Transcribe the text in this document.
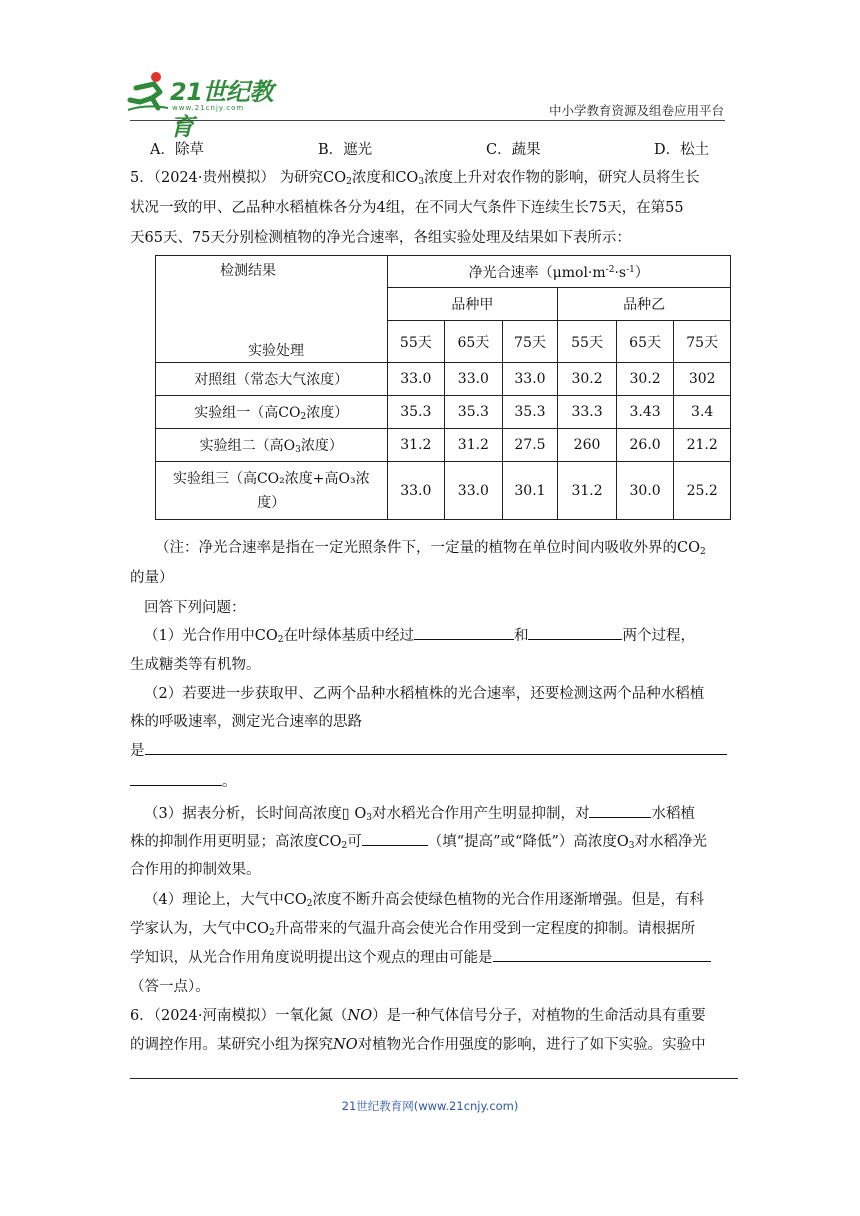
21世纪教育
www.21cnjy.com	中小学教育资源及组卷应用平台
A．除草	B．遮光	C．蔬果	D．松土
5．（2024·贵州模拟） 为研究$CO_2$浓度和$CO_3$浓度上升对农作物的影响，研究人员将生长
状况一致的甲、乙品种水稻植株各分为4组，在不同大气条件下连续生长75天，在第55
天65天、75天分别检测植物的净光合速率，各组实验处理及结果如下表所示：
检测结果
实验处理	净光合速率$(\mu mol\cdot m^{-2}\cdot s^{-1})$					
	品种甲			品种乙		
	55天	65天	75天	55天	65天	75天
对照组（常态大气浓度）	33.0	33.0	33.0	30.2	30.2	302
实验组一（高$CO_2$浓度）	35.3	35.3	35.3	33.3	3.43	3.4
实验组二（高$O_3$浓度）	31.2	31.2	27.5	260	26.0	21.2

实验组三（高CO₂浓度+高O₃浓
度）	33.0	33.0	30.1	31.2	30.0	25.2
（注：净光合速率是指在一定光照条件下，一定量的植物在单位时间内吸收外界的$CO_2$
的量）
回答下列问题：
（1）光合作用中$CO_2$在叶绿体基质中经过	和	两个过程，
生成糖类等有机物。
（2）若要进一步获取甲、乙两个品种水稻植株的光合速率，还要检测这两个品种水稻植
株的呼吸速率，测定光合速率的思路
是
。
（3）据表分析，长时间高浓度▯ $O_3$对水稻光合作用产生明显抑制，对	水稻植
株的抑制作用更明显；高浓度$CO_2$可	（填“提高”或“降低”）高浓度$O_3$对水稻净光
合作用的抑制效果。
（4）理论上，大气中$CO_2$浓度不断升高会使绿色植物的光合作用逐渐增强。但是，有科
学家认为，大气中$CO_2$升高带来的气温升高会使光合作用受到一定程度的抑制。请根据所
学知识，从光合作用角度说明提出这个观点的理由可能是
（答一点）。
6．（2024·河南模拟）一氧化氮（NO）是一种气体信号分子，对植物的生命活动具有重要
的调控作用。某研究小组为探究NO对植物光合作用强度的影响，进行了如下实验。实验中
21世纪教育网(www.21cnjy.com)
